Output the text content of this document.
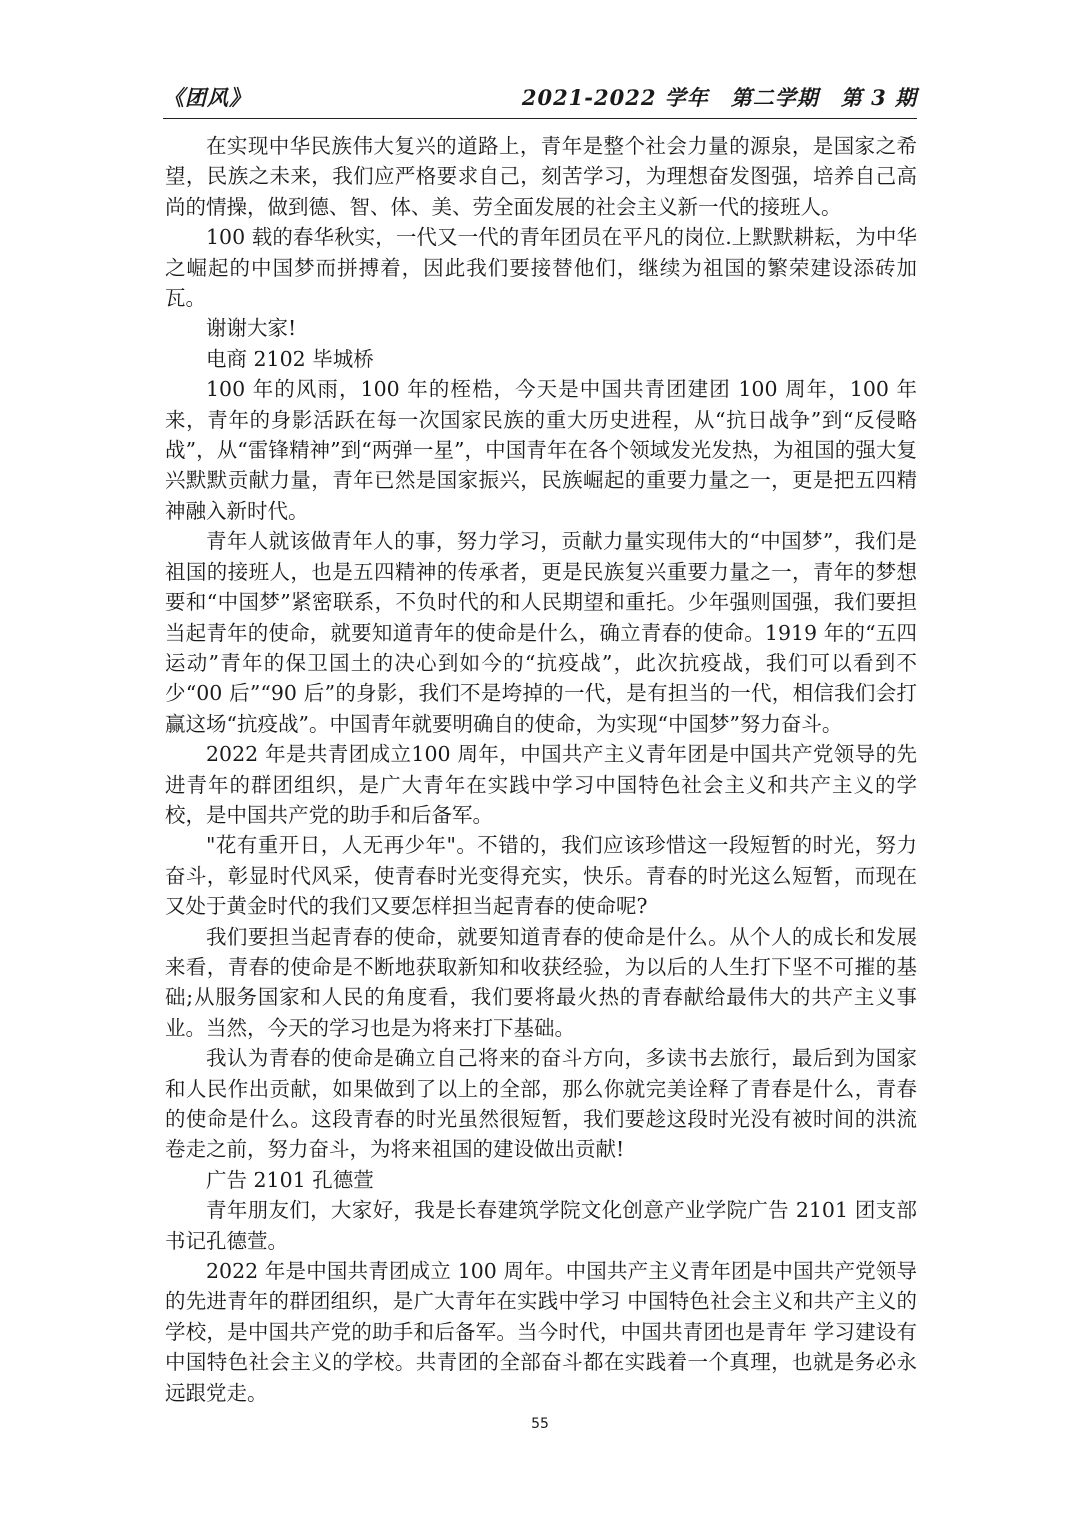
《团风》	2021-2022 学年　第二学期　第 3 期

在实现中华民族伟大复兴的道路上，青年是整个社会力量的源泉，是国家之希望，民族之未来，我们应严格要求自己，刻苦学习，为理想奋发图强，培养自己高尚的情操，做到德、智、体、美、劳全面发展的社会主义新一代的接班人。

100 载的春华秋实，一代又一代的青年团员在平凡的岗位.上默默耕耘，为中华之崛起的中国梦而拼搏着，因此我们要接替他们，继续为祖国的繁荣建设添砖加瓦。

谢谢大家!

电商 2102 毕城桥

100 年的风雨，100 年的桎梏，今天是中国共青团建团 100 周年，100 年来，青年的身影活跃在每一次国家民族的重大历史进程，从“抗日战争”到“反侵略战”，从“雷锋精神”到“两弹一星”，中国青年在各个领域发光发热，为祖国的强大复兴默默贡献力量，青年已然是国家振兴，民族崛起的重要力量之一，更是把五四精神融入新时代。

青年人就该做青年人的事，努力学习，贡献力量实现伟大的“中国梦”，我们是祖国的接班人，也是五四精神的传承者，更是民族复兴重要力量之一，青年的梦想要和“中国梦”紧密联系，不负时代的和人民期望和重托。少年强则国强，我们要担当起青年的使命，就要知道青年的使命是什么，确立青春的使命。1919 年的“五四运动”青年的保卫国土的决心到如今的“抗疫战”，此次抗疫战，我们可以看到不少“00 后”“90 后”的身影，我们不是垮掉的一代，是有担当的一代，相信我们会打赢这场“抗疫战”。中国青年就要明确自的使命，为实现“中国梦”努力奋斗。

2022 年是共青团成立100 周年，中国共产主义青年团是中国共产党领导的先进青年的群团组织，是广大青年在实践中学习中国特色社会主义和共产主义的学校，是中国共产党的助手和后备军。

"花有重开日，人无再少年"。不错的，我们应该珍惜这一段短暂的时光，努力奋斗，彰显时代风采，使青春时光变得充实，快乐。青春的时光这么短暂，而现在又处于黄金时代的我们又要怎样担当起青春的使命呢?

我们要担当起青春的使命，就要知道青春的使命是什么。从个人的成长和发展来看，青春的使命是不断地获取新知和收获经验，为以后的人生打下坚不可摧的基础;从服务国家和人民的角度看，我们要将最火热的青春献给最伟大的共产主义事业。当然，今天的学习也是为将来打下基础。

我认为青春的使命是确立自己将来的奋斗方向，多读书去旅行，最后到为国家和人民作出贡献，如果做到了以上的全部，那么你就完美诠释了青春是什么，青春的使命是什么。这段青春的时光虽然很短暂，我们要趁这段时光没有被时间的洪流卷走之前，努力奋斗，为将来祖国的建设做出贡献!

广告 2101 孔德萱

青年朋友们，大家好，我是长春建筑学院文化创意产业学院广告 2101 团支部书记孔德萱。

2022 年是中国共青团成立 100 周年。中国共产主义青年团是中国共产党领导的先进青年的群团组织，是广大青年在实践中学习 中国特色社会主义和共产主义的学校，是中国共产党的助手和后备军。当今时代，中国共青团也是青年 学习建设有中国特色社会主义的学校。共青团的全部奋斗都在实践着一个真理，也就是务必永远跟党走。

55
